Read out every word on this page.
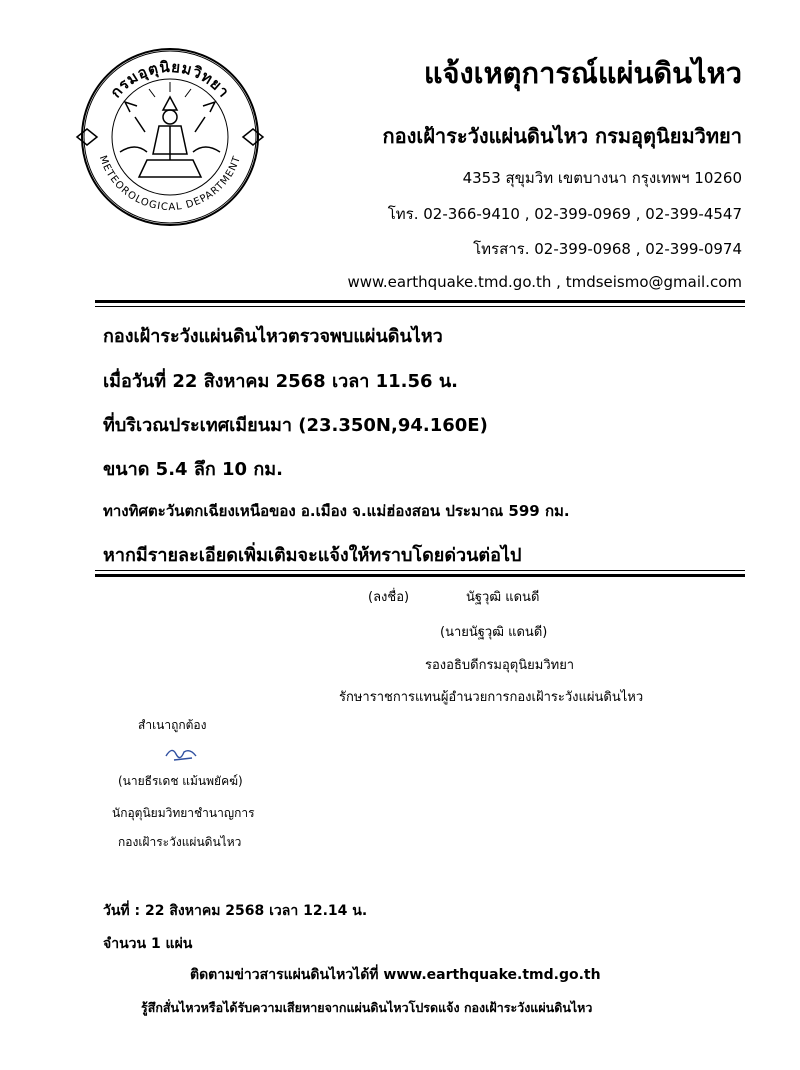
กรมอุตุนิยมวิทยา
METEOROLOGICAL DEPARTMENT
แจ้งเหตุการณ์แผ่นดินไหว
กองเฝ้าระวังแผ่นดินไหว กรมอุตุนิยมวิทยา
4353 สุขุมวิท เขตบางนา กรุงเทพฯ 10260
โทร. 02-366-9410 , 02-399-0969 , 02-399-4547
โทรสาร. 02-399-0968 , 02-399-0974
www.earthquake.tmd.go.th , tmdseismo@gmail.com
กองเฝ้าระวังแผ่นดินไหวตรวจพบแผ่นดินไหว
เมื่อวันที่ 22 สิงหาคม 2568 เวลา 11.56 น.
ที่บริเวณประเทศเมียนมา (23.350N,94.160E)
ขนาด 5.4 ลึก 10 กม.
ทางทิศตะวันตกเฉียงเหนือของ อ.เมือง จ.แม่ฮ่องสอน ประมาณ 599 กม.
หากมีรายละเอียดเพิ่มเติมจะแจ้งให้ทราบโดยด่วนต่อไป
(ลงชื่อ)	นัฐวุฒิ แดนดี
(นายนัฐวุฒิ แดนดี)
รองอธิบดีกรมอุตุนิยมวิทยา
รักษาราชการแทนผู้อำนวยการกองเฝ้าระวังแผ่นดินไหว
สำเนาถูกต้อง
(นายธีรเดช แม้นพยัคฆ์)
นักอุตุนิยมวิทยาชำนาญการ
กองเฝ้าระวังแผ่นดินไหว
วันที่ : 22 สิงหาคม 2568 เวลา 12.14 น.
จำนวน 1 แผ่น
ติดตามข่าวสารแผ่นดินไหวได้ที่ www.earthquake.tmd.go.th
รู้สึกสั่นไหวหรือได้รับความเสียหายจากแผ่นดินไหวโปรดแจ้ง กองเฝ้าระวังแผ่นดินไหว
